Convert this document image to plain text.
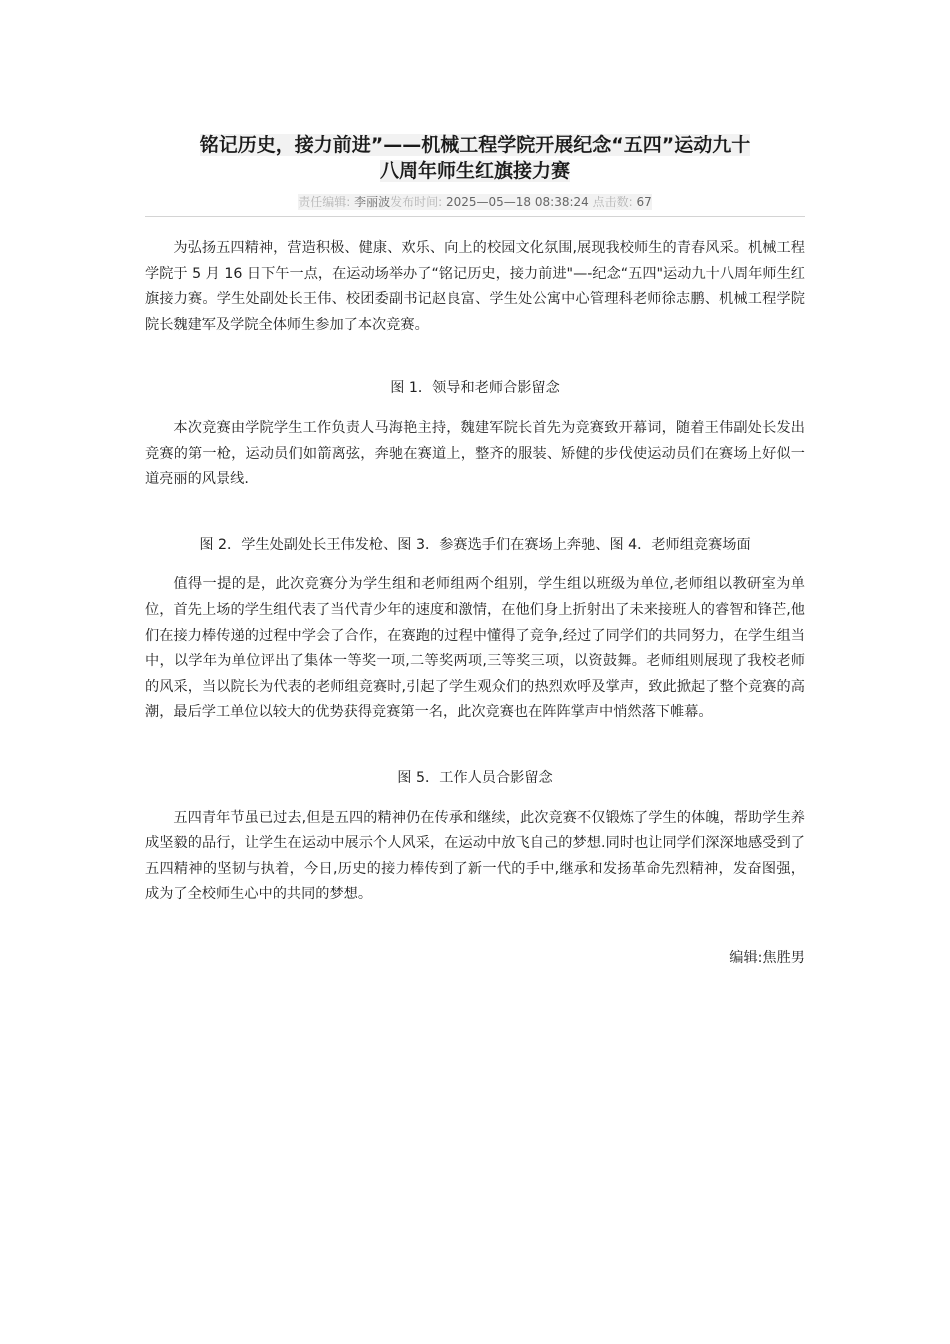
铭记历史，接力前进”——机械工程学院开展纪念“五四”运动九十
八周年师生红旗接力赛
责任编辑: 李丽波发布时间: 2025—05—18 08:38:24 点击数: 67

为弘扬五四精神，营造积极、健康、欢乐、向上的校园文化氛围,展现我校师生的青春风采。机械工程学院于 5 月 16 日下午一点，在运动场举办了“铭记历史，接力前进"—-纪念“五四"运动九十八周年师生红旗接力赛。学生处副处长王伟、校团委副书记赵良富、学生处公寓中心管理科老师徐志鹏、机械工程学院院长魏建军及学院全体师生参加了本次竞赛。

图 1．领导和老师合影留念

本次竞赛由学院学生工作负责人马海艳主持，魏建军院长首先为竞赛致开幕词，随着王伟副处长发出竞赛的第一枪，运动员们如箭离弦，奔驰在赛道上，整齐的服装、矫健的步伐使运动员们在赛场上好似一道亮丽的风景线.

图 2．学生处副处长王伟发枪、图 3．参赛选手们在赛场上奔驰、图 4．老师组竞赛场面

值得一提的是，此次竞赛分为学生组和老师组两个组别，学生组以班级为单位,老师组以教研室为单位，首先上场的学生组代表了当代青少年的速度和激情，在他们身上折射出了未来接班人的睿智和锋芒,他们在接力棒传递的过程中学会了合作，在赛跑的过程中懂得了竞争,经过了同学们的共同努力，在学生组当中，以学年为单位评出了集体一等奖一项,二等奖两项,三等奖三项，以资鼓舞。老师组则展现了我校老师的风采，当以院长为代表的老师组竞赛时,引起了学生观众们的热烈欢呼及掌声，致此掀起了整个竞赛的高潮，最后学工单位以较大的优势获得竞赛第一名，此次竞赛也在阵阵掌声中悄然落下帷幕。

图 5．工作人员合影留念

五四青年节虽已过去,但是五四的精神仍在传承和继续，此次竞赛不仅锻炼了学生的体魄，帮助学生养成坚毅的品行，让学生在运动中展示个人风采，在运动中放飞自己的梦想.同时也让同学们深深地感受到了五四精神的坚韧与执着，今日,历史的接力棒传到了新一代的手中,继承和发扬革命先烈精神，发奋图强，成为了全校师生心中的共同的梦想。

编辑:焦胜男
